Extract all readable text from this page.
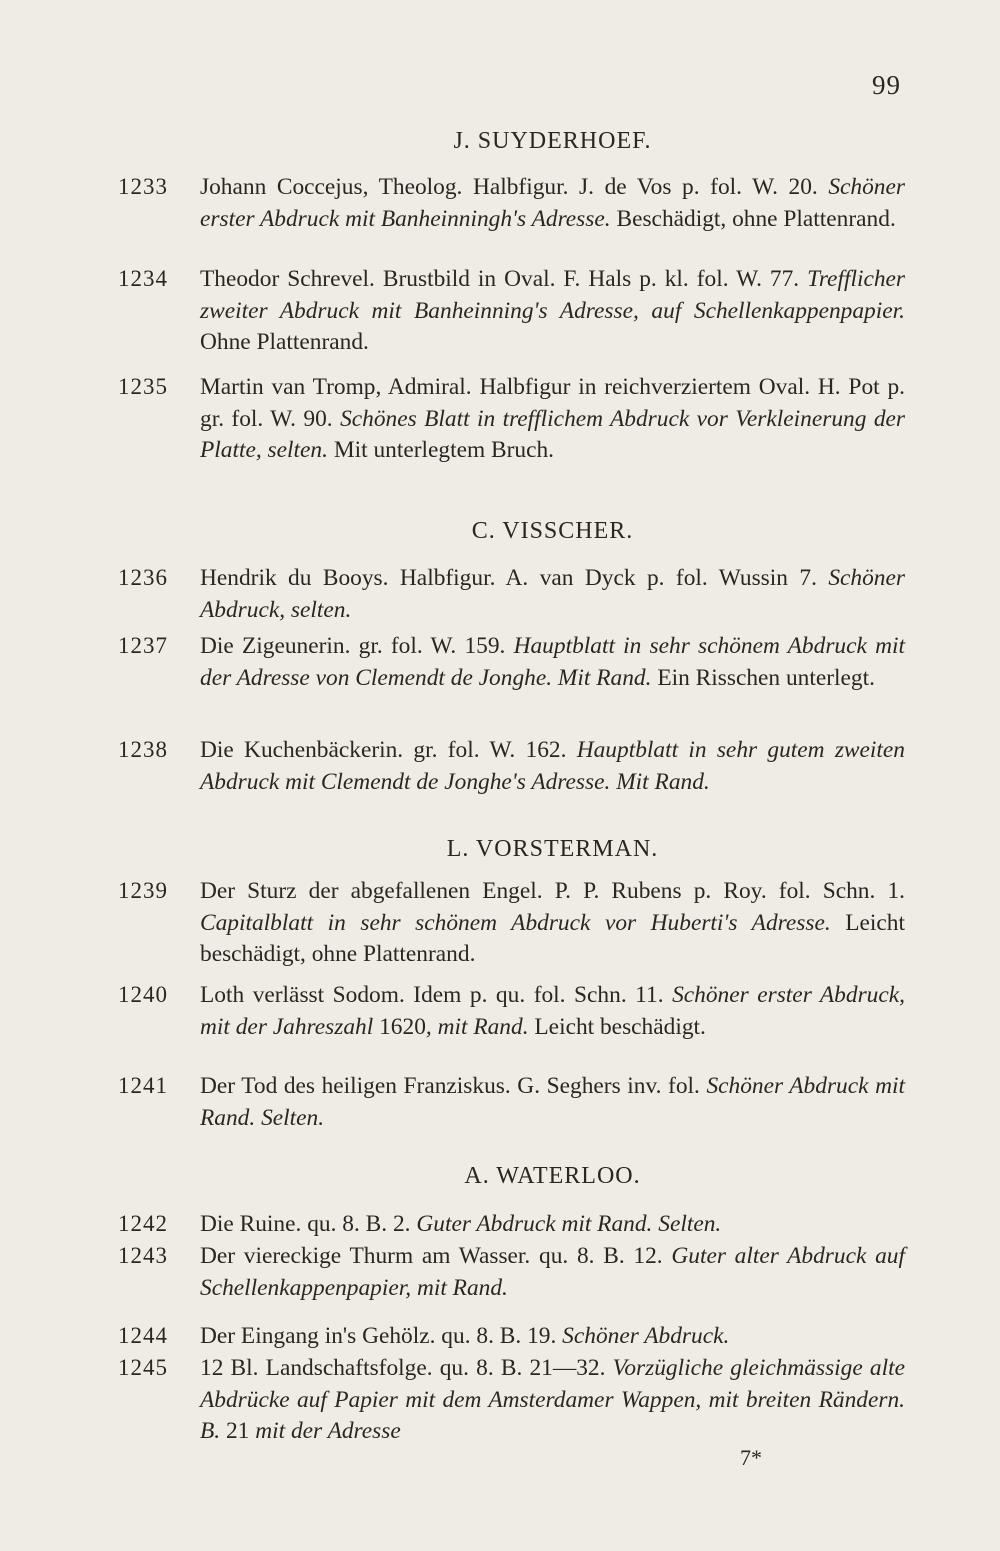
99
7*
J. SUYDERHOEF.
1233 Johann Coccejus, Theolog. Halbfigur. J. de Vos p. fol. W. 20. Schöner erster Abdruck mit Banheinningh's Adresse. Beschädigt, ohne Plattenrand.
1234 Theodor Schrevel. Brustbild in Oval. F. Hals p. kl. fol. W. 77. Trefflicher zweiter Abdruck mit Banheinning's Adresse, auf Schellenkappenpapier. Ohne Plattenrand.
1235 Martin van Tromp, Admiral. Halbfigur in reichverziertem Oval. H. Pot p. gr. fol. W. 90. Schönes Blatt in trefflichem Abdruck vor Verkleinerung der Platte, selten. Mit unterlegtem Bruch.
C. VISSCHER.
1236 Hendrik du Booys. Halbfigur. A. van Dyck p. fol. Wussin 7. Schöner Abdruck, selten.
1237 Die Zigeunerin. gr. fol. W. 159. Hauptblatt in sehr schönem Abdruck mit der Adresse von Clemendt de Jonghe. Mit Rand. Ein Risschen unterlegt.
1238 Die Kuchenbäckerin. gr. fol. W. 162. Hauptblatt in sehr gutem zweiten Abdruck mit Clemendt de Jonghe's Adresse. Mit Rand.
L. VORSTERMAN.
1239 Der Sturz der abgefallenen Engel. P. P. Rubens p. Roy. fol. Schn. 1. Capitalblatt in sehr schönem Abdruck vor Huberti's Adresse. Leicht beschädigt, ohne Plattenrand.
1240 Loth verlässt Sodom. Idem p. qu. fol. Schn. 11. Schöner erster Abdruck, mit der Jahreszahl 1620, mit Rand. Leicht beschädigt.
1241 Der Tod des heiligen Franziskus. G. Seghers inv. fol. Schöner Abdruck mit Rand. Selten.
A. WATERLOO.
1242 Die Ruine. qu. 8. B. 2. Guter Abdruck mit Rand. Selten.
1243 Der viereckige Thurm am Wasser. qu. 8. B. 12. Guter alter Abdruck auf Schellenkappenpapier, mit Rand.
1244 Der Eingang in's Gehölz. qu. 8. B. 19. Schöner Abdruck.
1245 12 Bl. Landschaftsfolge. qu. 8. B. 21—32. Vorzügliche gleichmässige alte Abdrücke auf Papier mit dem Amsterdamer Wappen, mit breiten Rändern. B. 21 mit der Adresse
